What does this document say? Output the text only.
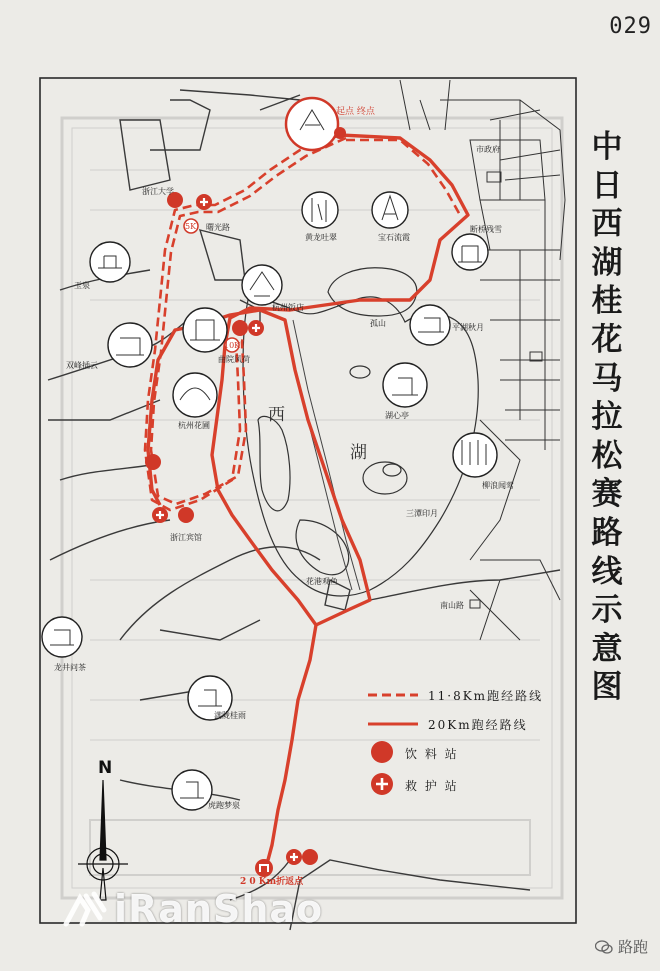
029
中
日
西
湖
桂
花
马
拉
松
赛
路
线
示
意
图
11·8Km跑经路线
20Km跑经路线
饮 料 站
救 护 站
起点 终点
2 0 Km折返点
浙江大学
曙光路
玉泉
黄龙吐翠	宝石流霞
市政府
断桥残雪
杭州饭店
平湖秋月
孤山
曲院风荷
湖心亭
三潭印月
柳浪闻莺
花港观鱼
龙井问茶
双峰插云
杭州花圃
浙江宾馆
虎跑梦泉
满陇桂雨
南山路
西
湖
5K
10K
N
iRanShao
路跑
